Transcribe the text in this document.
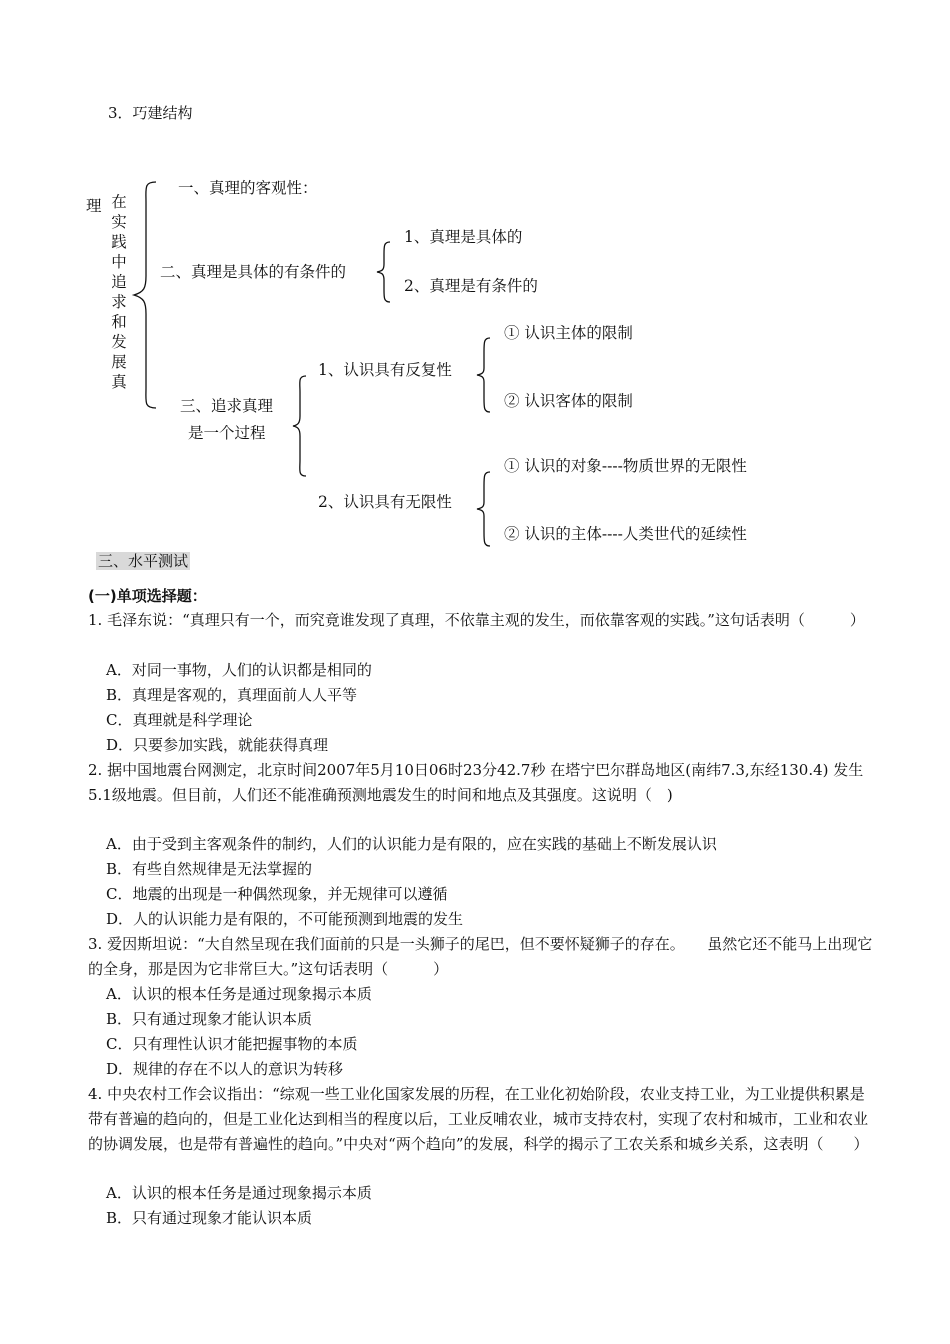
3．巧建结构
理 在实践中追求和发展真
一、真理的客观性：
二、真理是具体的有条件的
1、真理是具体的
2、真理是有条件的
三、追求真理
是一个过程
1、认识具有反复性
① 认识主体的限制
② 认识客体的限制
2、认识具有无限性
① 认识的对象----物质世界的无限性
② 认识的主体----人类世代的延续性
三、水平测试
(一)单项选择题：
1. 毛泽东说：“真理只有一个，而究竟谁发现了真理，不依靠主观的发生，而依靠客观的实践。”这句话表明（　　　）
A．对同一事物，人们的认识都是相同的
B．真理是客观的，真理面前人人平等
C．真理就是科学理论
D．只要参加实践，就能获得真理
2. 据中国地震台网测定，北京时间2007年5月10日06时23分42.7秒 在塔宁巴尔群岛地区(南纬7.3,东经130.4) 发生5.1级地震。但目前，人们还不能准确预测地震发生的时间和地点及其强度。这说明（　)
A．由于受到主客观条件的制约，人们的认识能力是有限的，应在实践的基础上不断发展认识
B．有些自然规律是无法掌握的
C．地震的出现是一种偶然现象，并无规律可以遵循
D．人的认识能力是有限的，不可能预测到地震的发生
3. 爱因斯坦说：“大自然呈现在我们面前的只是一头狮子的尾巴，但不要怀疑狮子的存在。　　虽然它还不能马上出现它的全身，那是因为它非常巨大。”这句话表明（　　　）
A．认识的根本任务是通过现象揭示本质
B．只有通过现象才能认识本质
C．只有理性认识才能把握事物的本质
D．规律的存在不以人的意识为转移
4. 中央农村工作会议指出：“综观一些工业化国家发展的历程，在工业化初始阶段，农业支持工业，为工业提供积累是带有普遍的趋向的，但是工业化达到相当的程度以后，工业反哺农业，城市支持农村，实现了农村和城市，工业和农业的协调发展，也是带有普遍性的趋向。”中央对“两个趋向”的发展，科学的揭示了工农关系和城乡关系，这表明（　　）
A．认识的根本任务是通过现象揭示本质
B．只有通过现象才能认识本质
